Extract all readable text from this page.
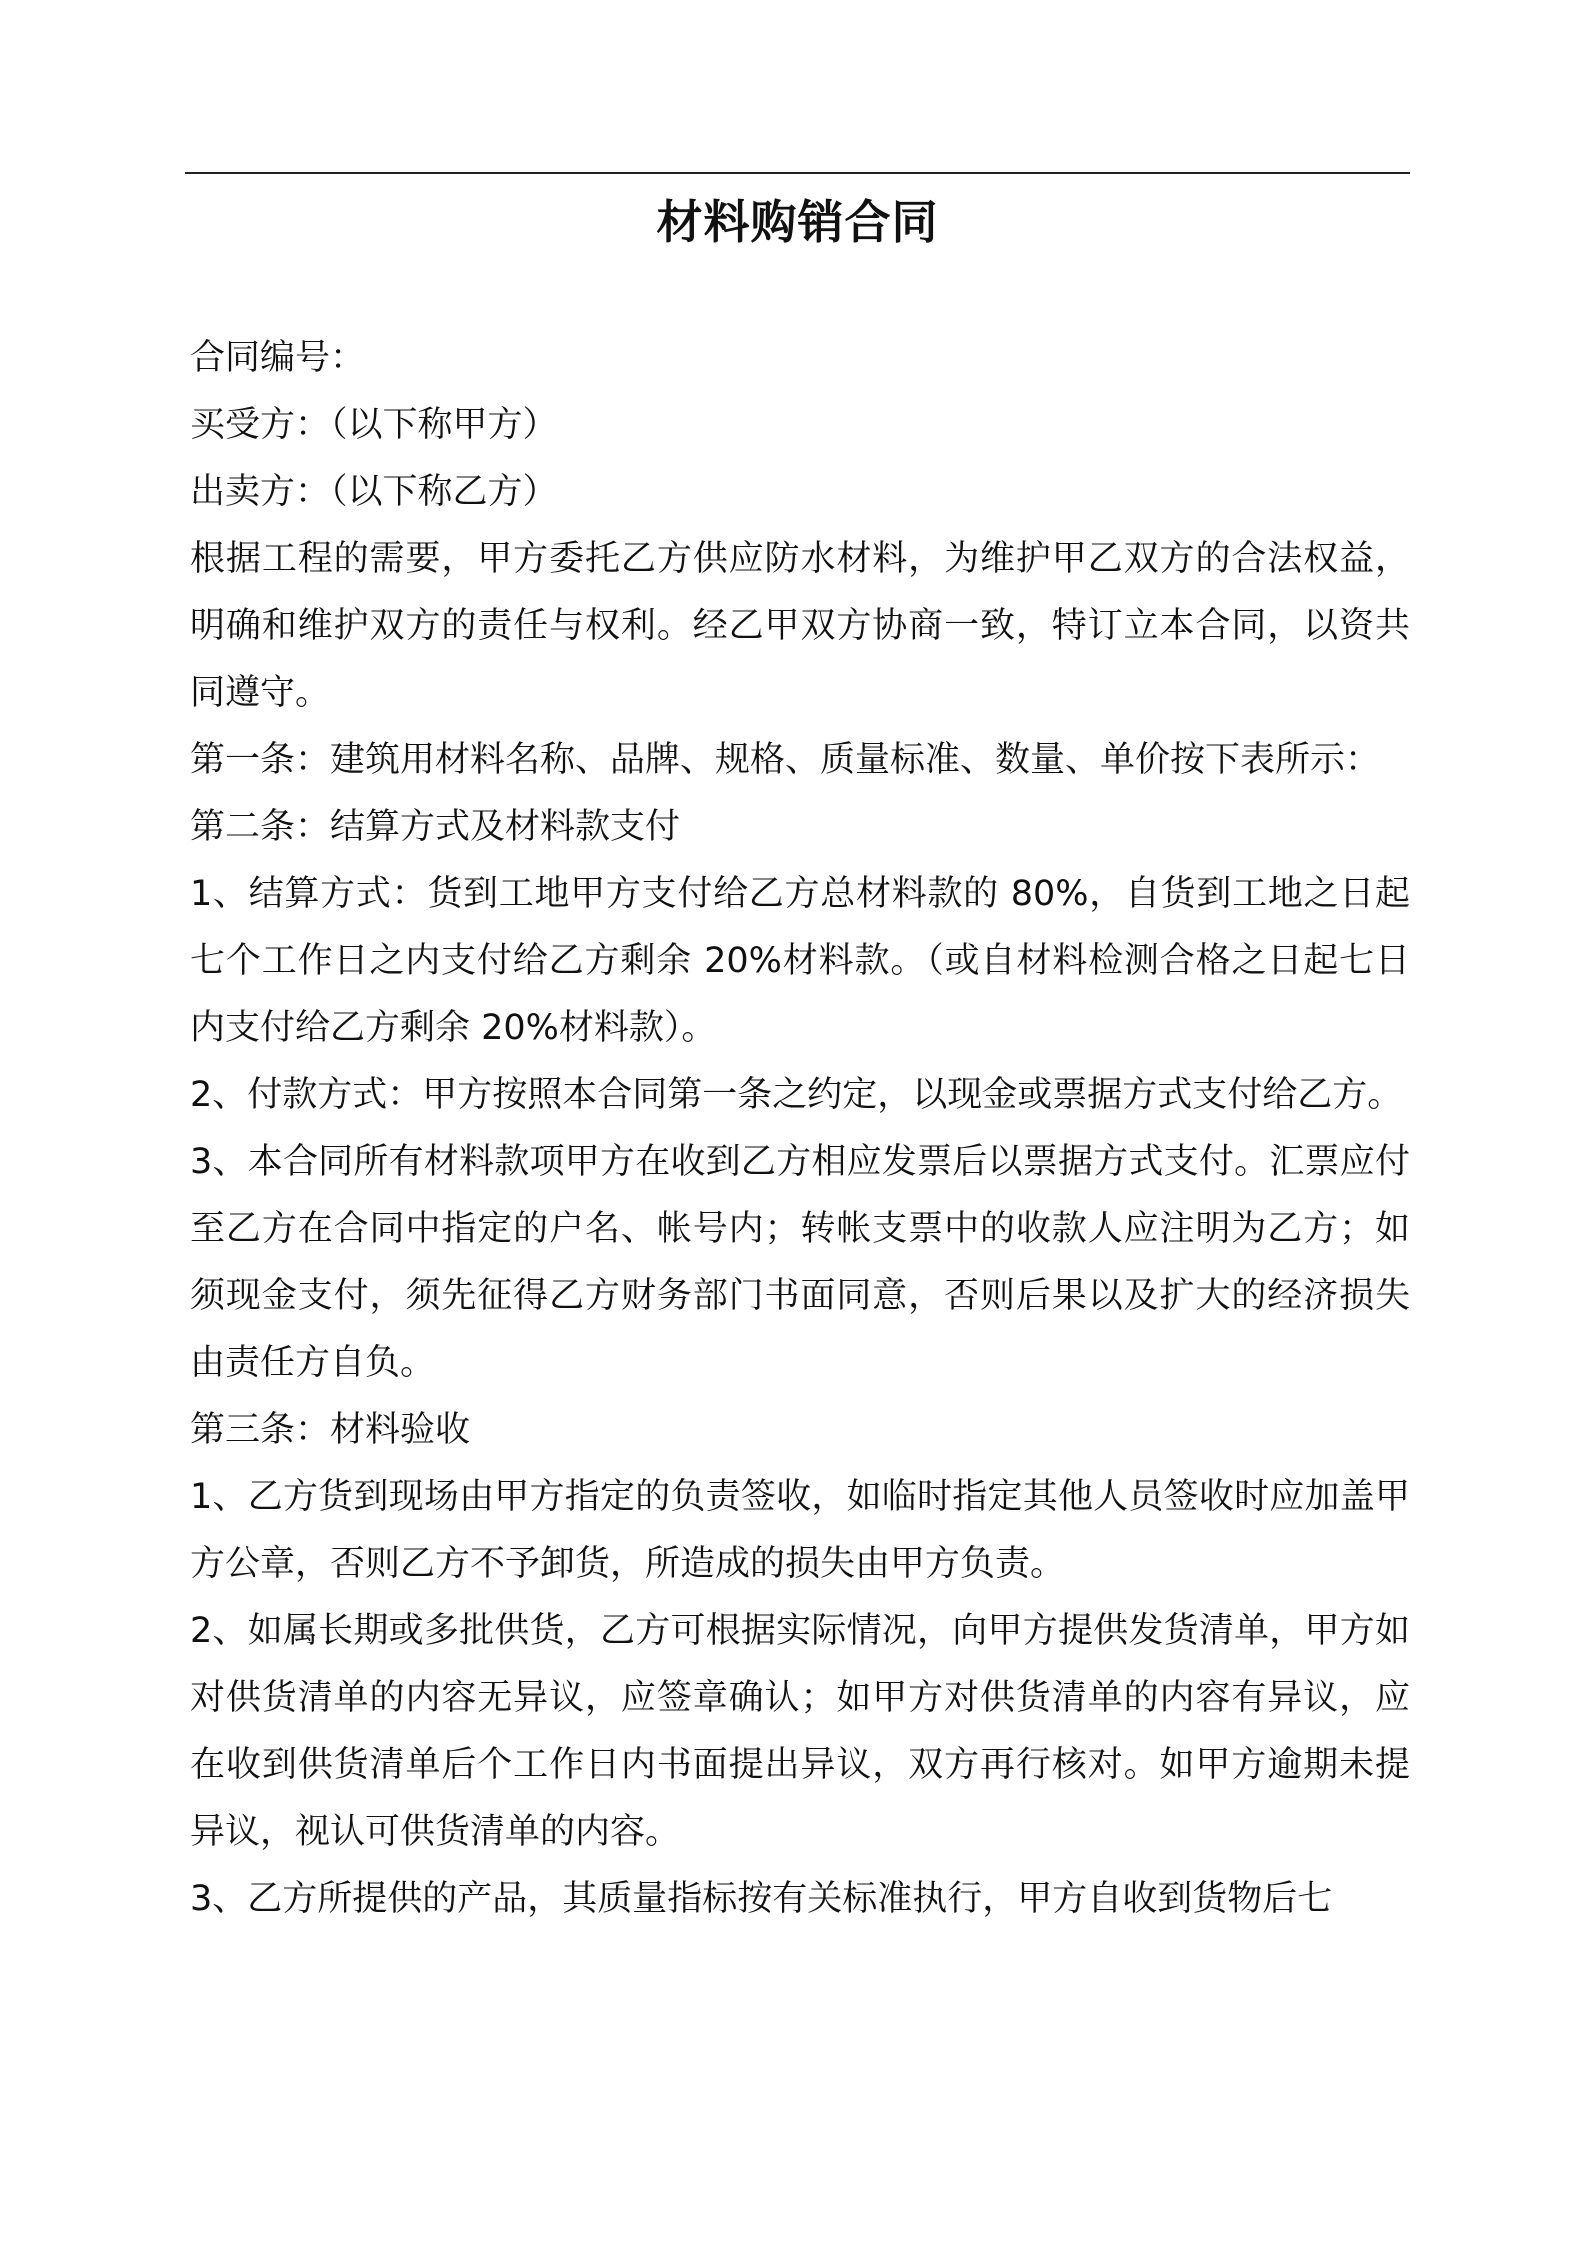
材料购销合同

合同编号：

买受方：（以下称甲方）

出卖方：（以下称乙方）

根据工程的需要，甲方委托乙方供应防水材料，为维护甲乙双方的合法权益，明确和维护双方的责任与权利。经乙甲双方协商一致，特订立本合同，以资共同遵守。

第一条：建筑用材料名称、品牌、规格、质量标准、数量、单价按下表所示：

第二条：结算方式及材料款支付

1、结算方式：货到工地甲方支付给乙方总材料款的 80%，自货到工地之日起七个工作日之内支付给乙方剩余 20%材料款。（或自材料检测合格之日起七日内支付给乙方剩余 20%材料款）。

2、付款方式：甲方按照本合同第一条之约定，以现金或票据方式支付给乙方。

3、本合同所有材料款项甲方在收到乙方相应发票后以票据方式支付。汇票应付至乙方在合同中指定的户名、帐号内；转帐支票中的收款人应注明为乙方；如须现金支付，须先征得乙方财务部门书面同意，否则后果以及扩大的经济损失由责任方自负。

第三条：材料验收

1、乙方货到现场由甲方指定的负责签收，如临时指定其他人员签收时应加盖甲方公章，否则乙方不予卸货，所造成的损失由甲方负责。

2、如属长期或多批供货，乙方可根据实际情况，向甲方提供发货清单，甲方如对供货清单的内容无异议，应签章确认；如甲方对供货清单的内容有异议，应在收到供货清单后个工作日内书面提出异议，双方再行核对。如甲方逾期未提异议，视认可供货清单的内容。

3、乙方所提供的产品，其质量指标按有关标准执行，甲方自收到货物后七
